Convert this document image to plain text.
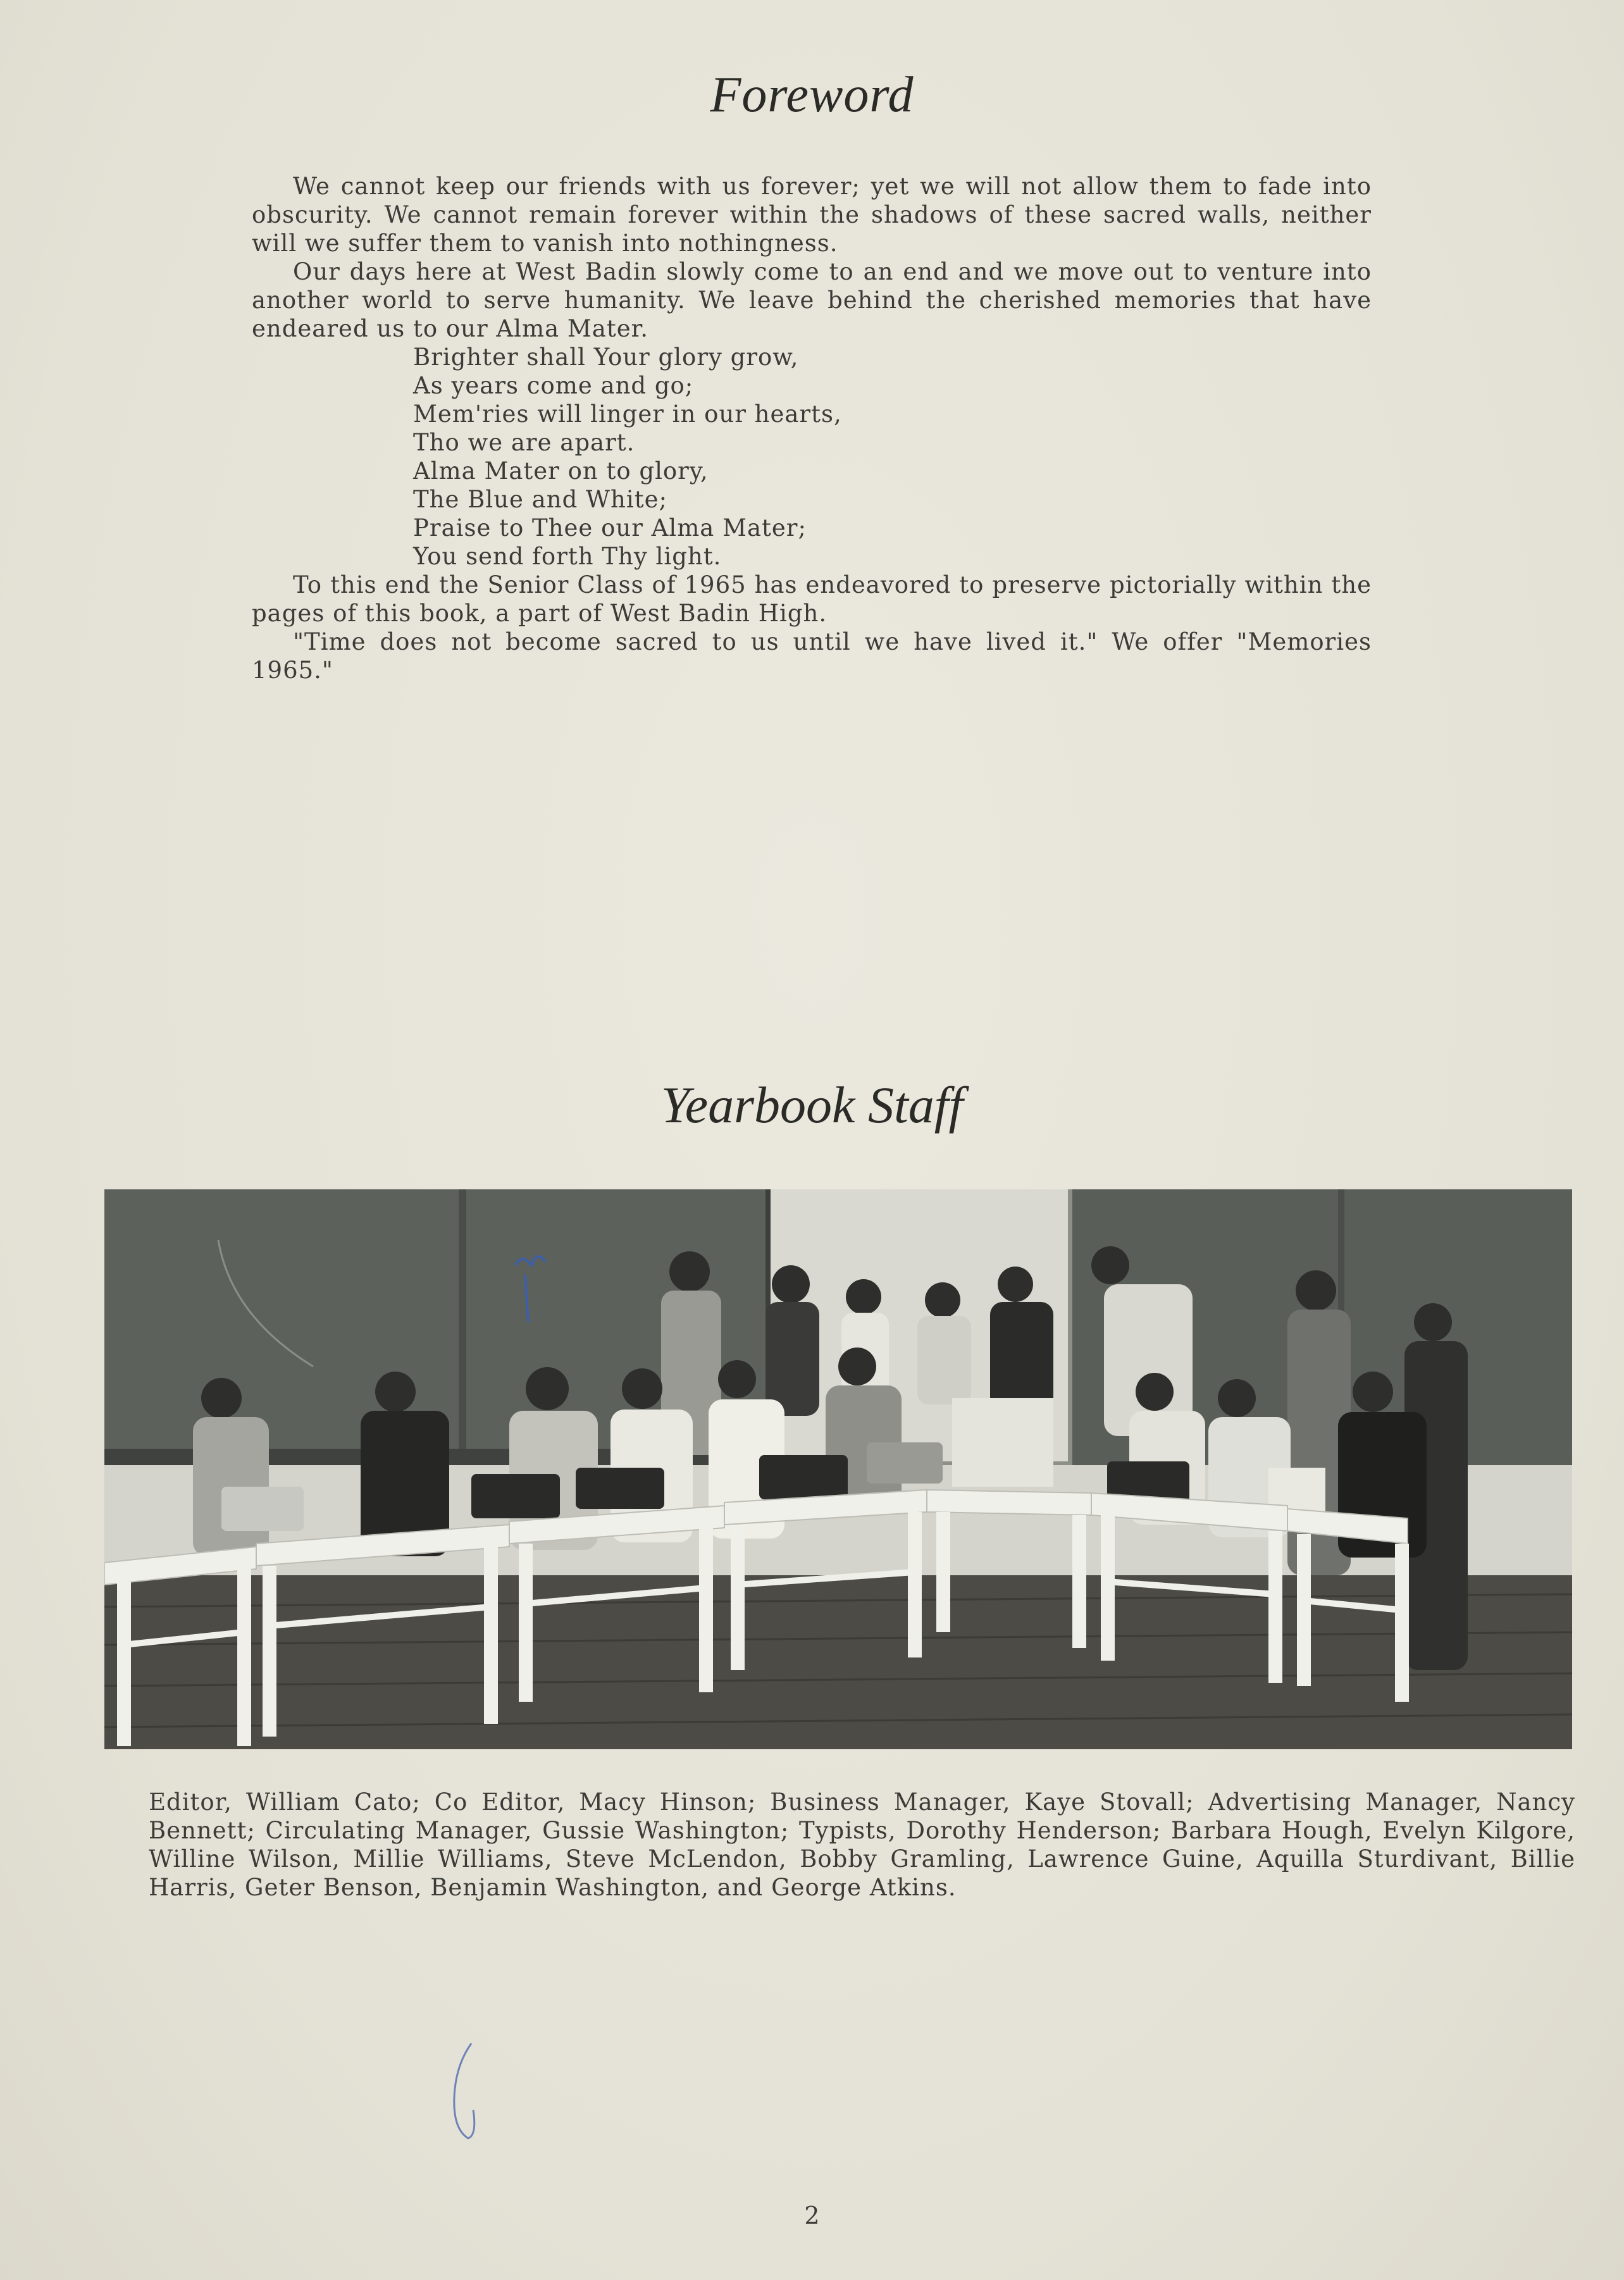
Foreword

We cannot keep our friends with us forever; yet we will not allow them to fade into obscurity. We cannot remain forever within the shadows of these sacred walls, neither will we suffer them to vanish into nothingness.

Our days here at West Badin slowly come to an end and we move out to venture into another world to serve humanity. We leave behind the cherished memories that have endeared us to our Alma Mater.

Brighter shall Your glory grow,
As years come and go;
Mem'ries will linger in our hearts,
Tho we are apart.
Alma Mater on to glory,
The Blue and White;
Praise to Thee our Alma Mater;
You send forth Thy light.

To this end the Senior Class of 1965 has endeavored to preserve pictorially within the pages of this book, a part of West Badin High.

"Time does not become sacred to us until we have lived it." We offer "Memories 1965."

Yearbook Staff

Editor, William Cato; Co Editor, Macy Hinson; Business Manager, Kaye Stovall; Advertising Manager, Nancy Bennett; Circulating Manager, Gussie Washington; Typists, Dorothy Henderson; Barbara Hough, Evelyn Kilgore, Willine Wilson, Millie Williams, Steve McLendon, Bobby Gramling, Lawrence Guine, Aquilla Sturdivant, Billie Harris, Geter Benson, Benjamin Washington, and George Atkins.

2
